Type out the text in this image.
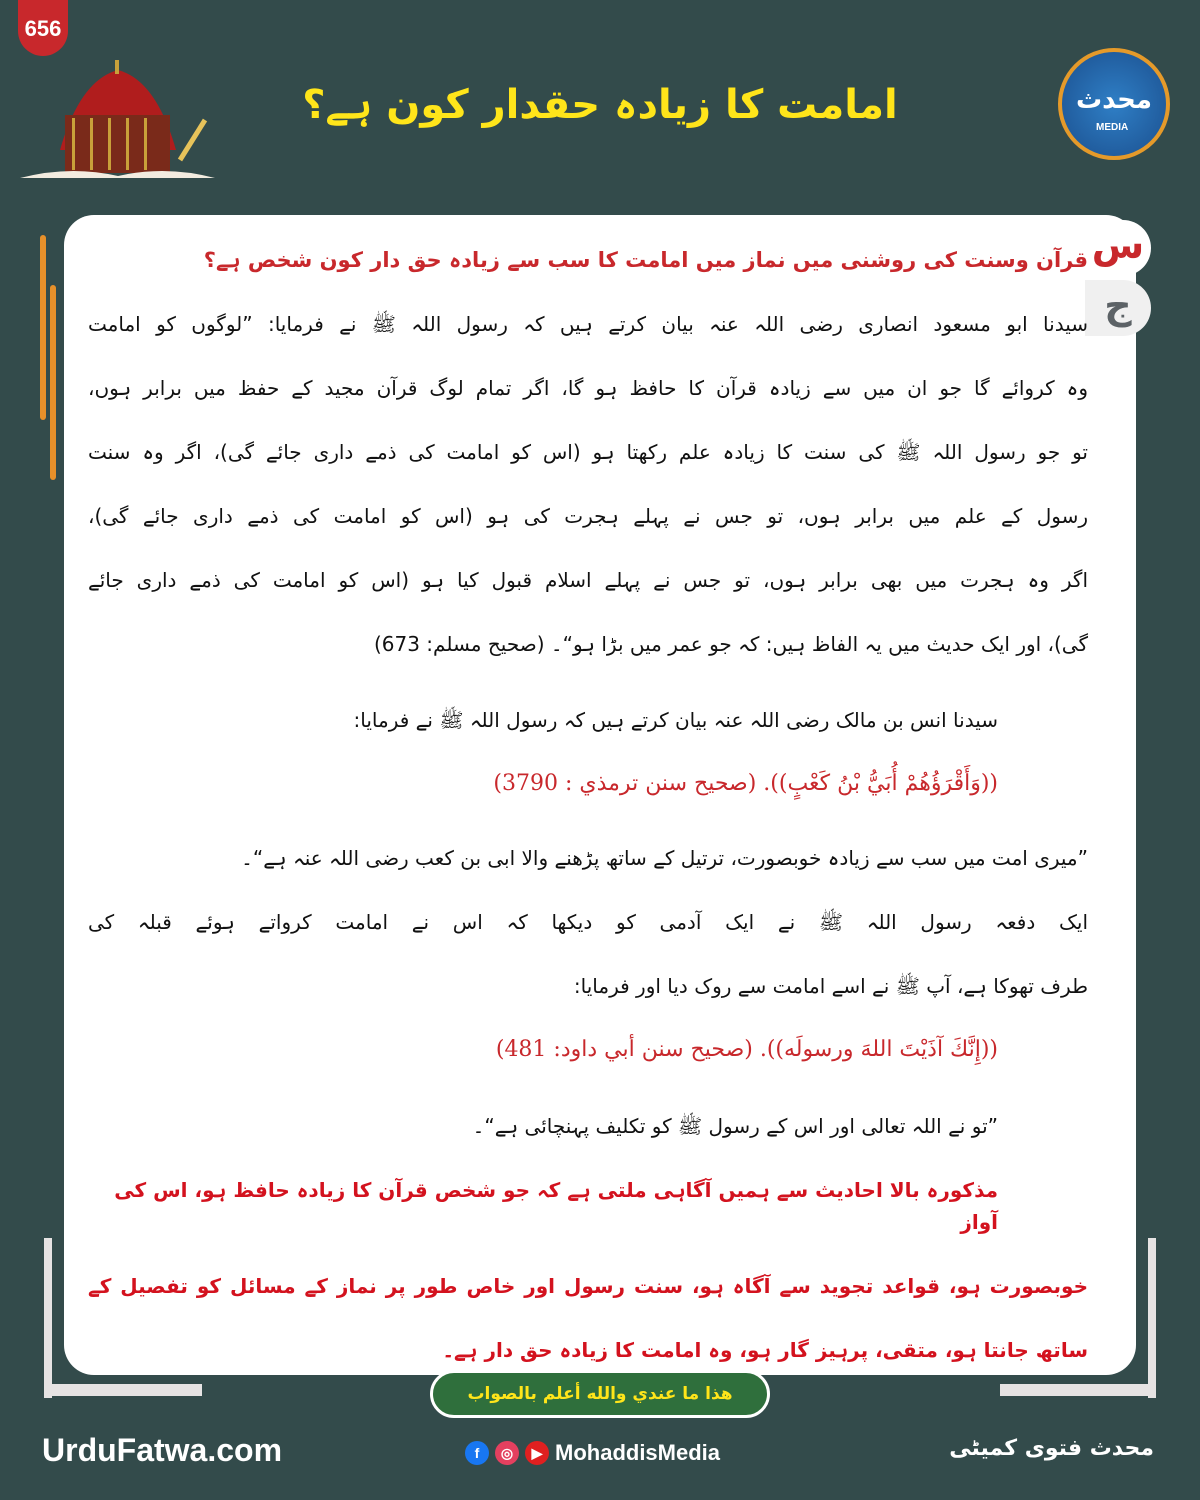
656
امامت کا زیادہ حقدار کون ہے؟	محدث
MEDIA
س
ج
قرآن وسنت کی روشنی میں نماز میں امامت کا سب سے زیادہ حق دار کون شخص ہے؟
سیدنا ابو مسعود انصاری رضی اللہ عنہ بیان کرتے ہیں کہ رسول اللہ ﷺ نے فرمایا: ”لوگوں کو امامت
وہ کروائے گا جو ان میں سے زیادہ قرآن کا حافظ ہو گا، اگر تمام لوگ قرآن مجید کے حفظ میں برابر ہوں،
تو جو رسول اللہ ﷺ کی سنت کا زیادہ علم رکھتا ہو (اس کو امامت کی ذمے داری جائے گی)، اگر وہ سنت
رسول کے علم میں برابر ہوں، تو جس نے پہلے ہجرت کی ہو (اس کو امامت کی ذمے داری جائے گی)،
اگر وہ ہجرت میں بھی برابر ہوں، تو جس نے پہلے اسلام قبول کیا ہو (اس کو امامت کی ذمے داری جائے
گی)، اور ایک حدیث میں یہ الفاظ ہیں: کہ جو عمر میں بڑا ہو“۔ (صحیح مسلم: 673)
سیدنا انس بن مالک رضی اللہ عنہ بیان کرتے ہیں کہ رسول اللہ ﷺ نے فرمایا:
((وَأَقْرَؤُهُمْ أُبَيُّ بْنُ كَعْبٍ)). (صحيح سنن ترمذي : 3790)
”میری امت میں سب سے زیادہ خوبصورت، ترتیل کے ساتھ پڑھنے والا ابی بن کعب رضی اللہ عنہ ہے“۔
ایک دفعہ رسول اللہ ﷺ نے ایک آدمی کو دیکھا کہ اس نے امامت کرواتے ہوئے قبلہ کی
طرف تھوکا ہے، آپ ﷺ نے اسے امامت سے روک دیا اور فرمایا:
((إِنَّكَ آذَيْتَ اللهَ ورسولَه)). (صحيح سنن أبي داود: 481)
”تو نے اللہ تعالی اور اس کے رسول ﷺ کو تکلیف پہنچائی ہے“۔
مذکورہ بالا احادیث سے ہمیں آگاہی ملتی ہے کہ جو شخص قرآن کا زیادہ حافظ ہو، اس کی آواز
خوبصورت ہو، قواعد تجوید سے آگاہ ہو، سنت رسول اور خاص طور پر نماز کے مسائل کو تفصیل کے
ساتھ جانتا ہو، متقی، پرہیز گار ہو، وہ امامت کا زیادہ حق دار ہے۔
هذا ما عندي والله أعلم بالصواب
UrduFatwa.com	f	◎	▶ MohaddisMedia	محدث فتوی کمیٹی
